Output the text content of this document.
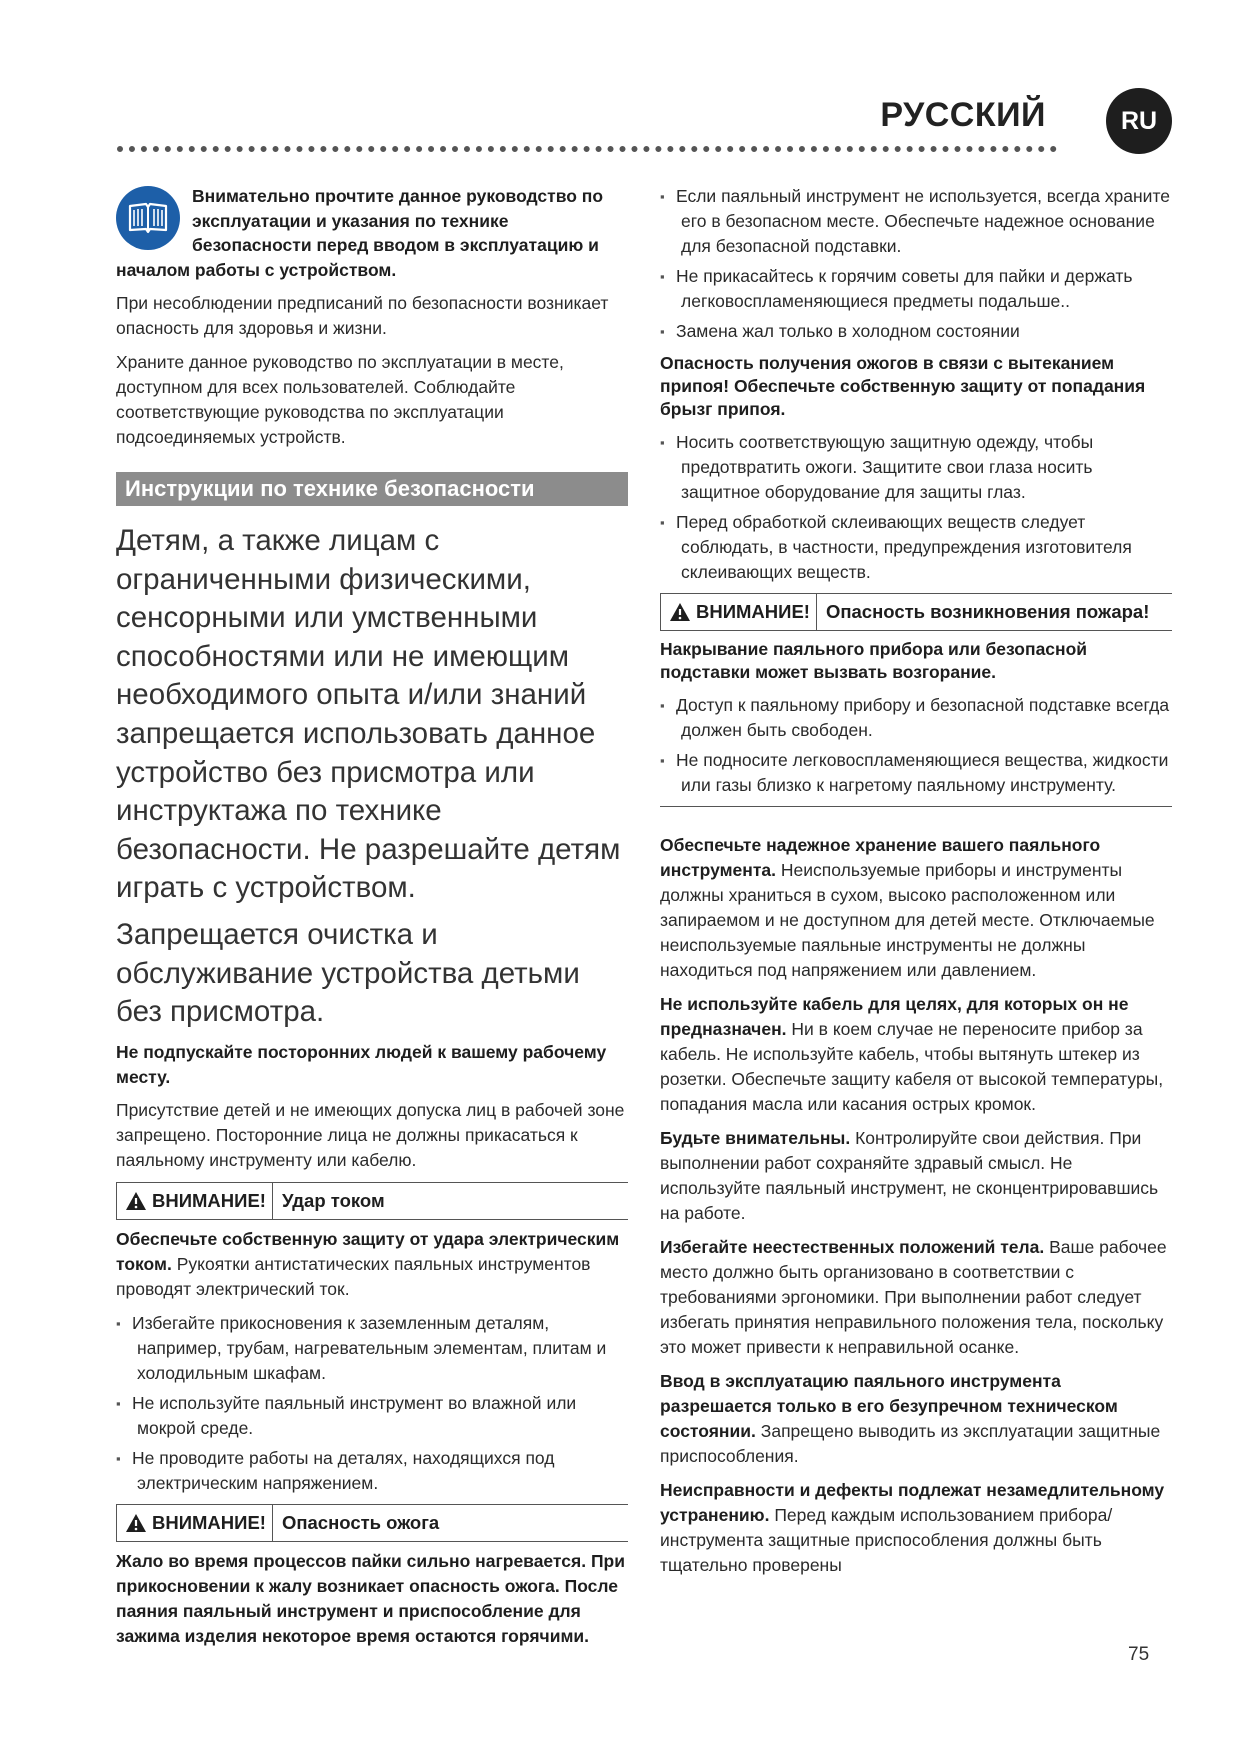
РУССКИЙ	RU

Внимательно прочтите данное руководство по эксплуатации и указания по технике безопасности перед вводом в эксплуатацию и началом работы с устройством.

При несоблюдении предписаний по безопасности возникает опасность для здоровья и жизни.

Храните данное руководство по эксплуатации в месте, доступном для всех пользователей. Соблюдайте соответствующие руководства по эксплуатации подсоединяемых устройств.

Инструкции по технике безопасности

Детям, а также лицам с ограниченными физическими, сенсорными или умственными способностями или не имеющим необходимого опыта и/или знаний запрещается использовать данное устройство без присмотра или инструктажа по технике безопасности. Не разрешайте детям играть с устройством.

Запрещается очистка и обслуживание устройства детьми без присмотра.

Не подпускайте посторонних людей к вашему рабочему месту.

Присутствие детей и не имеющих допуска лиц в рабочей зоне запрещено. Посторонние лица не должны прикасаться к паяльному инструменту или кабелю.

ВНИМАНИЕ! Удар током

Обеспечьте собственную защиту от удара электрическим током. Рукоятки антистатических паяльных инструментов проводят электрический ток.

▪ Избегайте прикосновения к заземленным деталям, например, трубам, нагревательным элементам, плитам и холодильным шкафам.
▪ Не используйте паяльный инструмент во влажной или мокрой среде.
▪ Не проводите работы на деталях, находящихся под электрическим напряжением.
ВНИМАНИЕ! Опасность ожога

Жало во время процессов пайки сильно нагревается. При прикосновении к жалу возникает опасность ожога. После паяния паяльный инструмент и приспособление для зажима изделия некоторое время остаются горячими.

▪ Если паяльный инструмент не используется, всегда храните его в безопасном месте. Обеспечьте надежное основание для безопасной подставки.
▪ Не прикасайтесь к горячим советы для пайки и держать легковоспламеняющиеся предметы подальше..
▪ Замена жал только в холодном состоянии

Опасность получения ожогов в связи с вытеканием припоя! Обеспечьте собственную защиту от попадания брызг припоя.

▪ Носить соответствующую защитную одежду, чтобы предотвратить ожоги. Защитите свои глаза носить защитное оборудование для защиты глаз.
▪ Перед обработкой склеивающих веществ следует соблюдать, в частности, предупреждения изготовителя склеивающих веществ.
ВНИМАНИЕ! Опасность возникновения пожара!

Накрывание паяльного прибора или безопасной подставки может вызвать возгорание.

▪ Доступ к паяльному прибору и безопасной подставке всегда должен быть свободен.
▪ Не подносите легковоспламеняющиеся вещества, жидкости или газы близко к нагретому паяльному инструменту.

Обеспечьте надежное хранение вашего паяльного инструмента. Неиспользуемые приборы и инструменты должны храниться в сухом, высоко расположенном или запираемом и не доступном для детей месте. Отключаемые неиспользуемые паяльные инструменты не должны находиться под напряжением или давлением.

Не используйте кабель для целях, для которых он не предназначен. Ни в коем случае не переносите прибор за кабель. Не используйте кабель, чтобы вытянуть штекер из розетки. Обеспечьте защиту кабеля от высокой температуры, попадания масла или касания острых кромок.

Будьте внимательны. Контролируйте свои действия. При выполнении работ сохраняйте здравый смысл. Не используйте паяльный инструмент, не сконцентрировавшись на работе.

Избегайте неестественных положений тела. Ваше рабочее место должно быть организовано в соответствии с требованиями эргономики. При выполнении работ следует избегать принятия неправильного положения тела, поскольку это может привести к неправильной осанке.

Ввод в эксплуатацию паяльного инструмента разрешается только в его безупречном техническом состоянии. Запрещено выводить из эксплуатации защитные приспособления.

Неисправности и дефекты подлежат незамедлительному устранению. Перед каждым использованием прибора/инструмента защитные приспособления должны быть тщательно проверены

75
